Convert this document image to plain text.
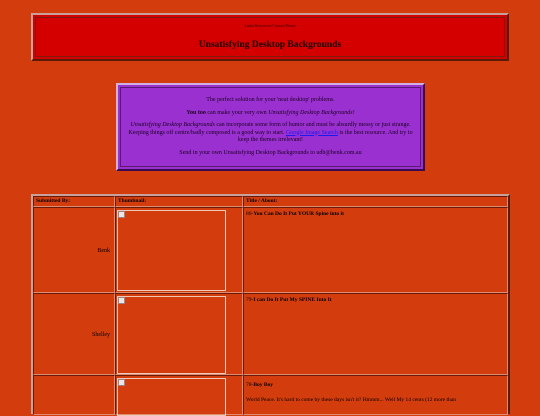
Links/Resources/Contact/Home
Unsatisfying Desktop Backgrounds

The perfect solution for your 'neat desktop' problems.

You too can make your very own Unsatisfying Desktop Backgrounds!

Unsatisfying Desktop Backgrounds can incorporate some form of humor and must be absurdly messy or just strange. Keeping things off centre/badly composed is a good way to start. Google Image Search is the best resource. And try to keep the themes irrelevant!

Send in your own Unsatisfying Desktop Backgrounds to udb@benk.com.au

Submitted By:	Thumbnail:	Title / About:
Benk
80-You Can Do It Put YOUR Spine into it
Shelley
79-I can Do It Put My SPINE Into It
78-Boy Boy
World Peace. It's hard to come by these days isn't it? Hmmm... Well My 14 cents (12 more than
